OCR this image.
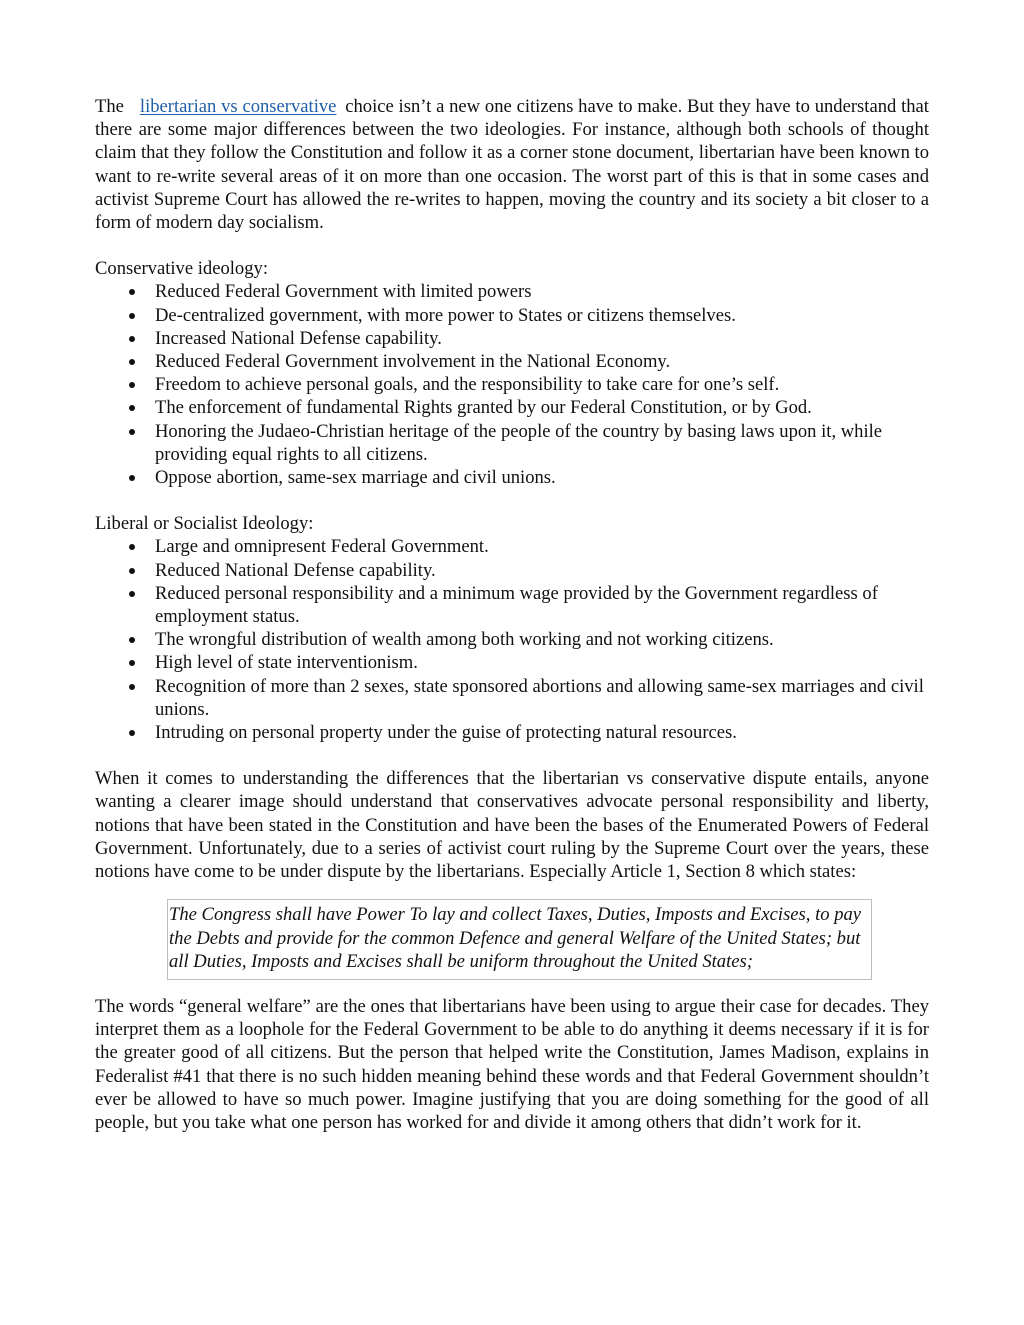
The libertarian vs conservative choice isn’t a new one citizens have to make. But they have to understand that there are some major differences between the two ideologies. For instance, although both schools of thought claim that they follow the Constitution and follow it as a corner stone document, libertarian have been known to want to re-write several areas of it on more than one occasion. The worst part of this is that in some cases and activist Supreme Court has allowed the re-writes to happen, moving the country and its society a bit closer to a form of modern day socialism.

Conservative ideology:

Reduced Federal Government with limited powers
De-centralized government, with more power to States or citizens themselves.
Increased National Defense capability.
Reduced Federal Government involvement in the National Economy.
Freedom to achieve personal goals, and the responsibility to take care for one’s self.
The enforcement of fundamental Rights granted by our Federal Constitution, or by God.
Honoring the Judaeo-Christian heritage of the people of the country by basing laws upon it, while providing equal rights to all citizens.
Oppose abortion, same-sex marriage and civil unions.

Liberal or Socialist Ideology:

Large and omnipresent Federal Government.
Reduced National Defense capability.
Reduced personal responsibility and a minimum wage provided by the Government regardless of employment status.
The wrongful distribution of wealth among both working and not working citizens.
High level of state interventionism.
Recognition of more than 2 sexes, state sponsored abortions and allowing same-sex marriages and civil unions.
Intruding on personal property under the guise of protecting natural resources.

When it comes to understanding the differences that the libertarian vs conservative dispute entails, anyone wanting a clearer image should understand that conservatives advocate personal responsibility and liberty, notions that have been stated in the Constitution and have been the bases of the Enumerated Powers of Federal Government. Unfortunately, due to a series of activist court ruling by the Supreme Court over the years, these notions have come to be under dispute by the libertarians. Especially Article 1, Section 8 which states:

The Congress shall have Power To lay and collect Taxes, Duties, Imposts and Excises, to pay the Debts and provide for the common Defence and general Welfare of the United States; but all Duties, Imposts and Excises shall be uniform throughout the United States;

The words “general welfare” are the ones that libertarians have been using to argue their case for decades. They interpret them as a loophole for the Federal Government to be able to do anything it deems necessary if it is for the greater good of all citizens. But the person that helped write the Constitution, James Madison, explains in Federalist #41 that there is no such hidden meaning behind these words and that Federal Government shouldn’t ever be allowed to have so much power. Imagine justifying that you are doing something for the good of all people, but you take what one person has worked for and divide it among others that didn’t work for it.
